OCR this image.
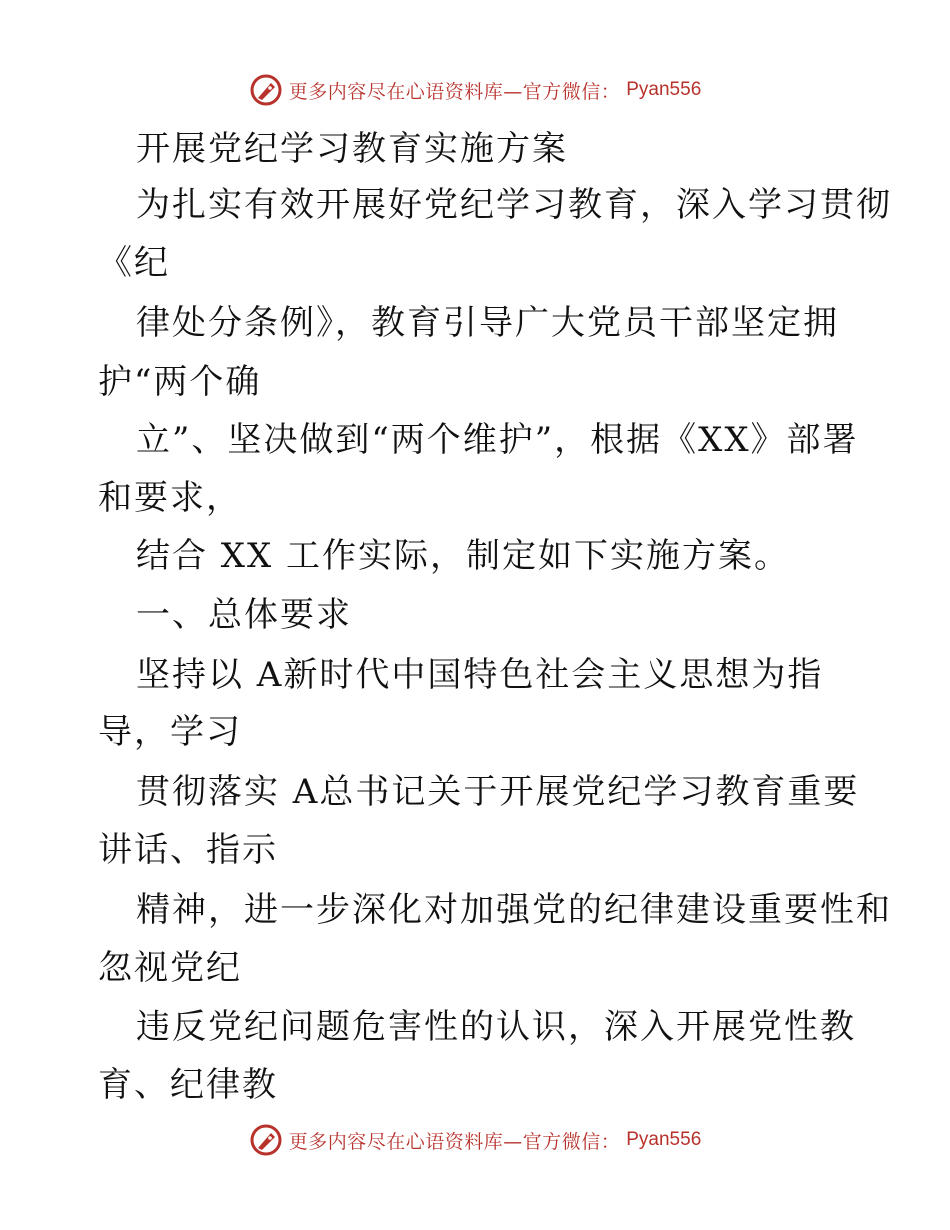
更多内容尽在心语资料库—官方微信： Pyan556
开展党纪学习教育实施方案
为扎实有效开展好党纪学习教育，深入学习贯彻
《纪
律处分条例》，教育引导广大党员干部坚定拥
护“两个确
立”、坚决做到“两个维护”，根据《XX》部署
和要求，
结合 XX 工作实际，制定如下实施方案。
一、总体要求
坚持以 A新时代中国特色社会主义思想为指
导，学习
贯彻落实 A总书记关于开展党纪学习教育重要
讲话、指示
精神，进一步深化对加强党的纪律建设重要性和
忽视党纪
违反党纪问题危害性的认识，深入开展党性教
育、纪律教
更多内容尽在心语资料库—官方微信： Pyan556
